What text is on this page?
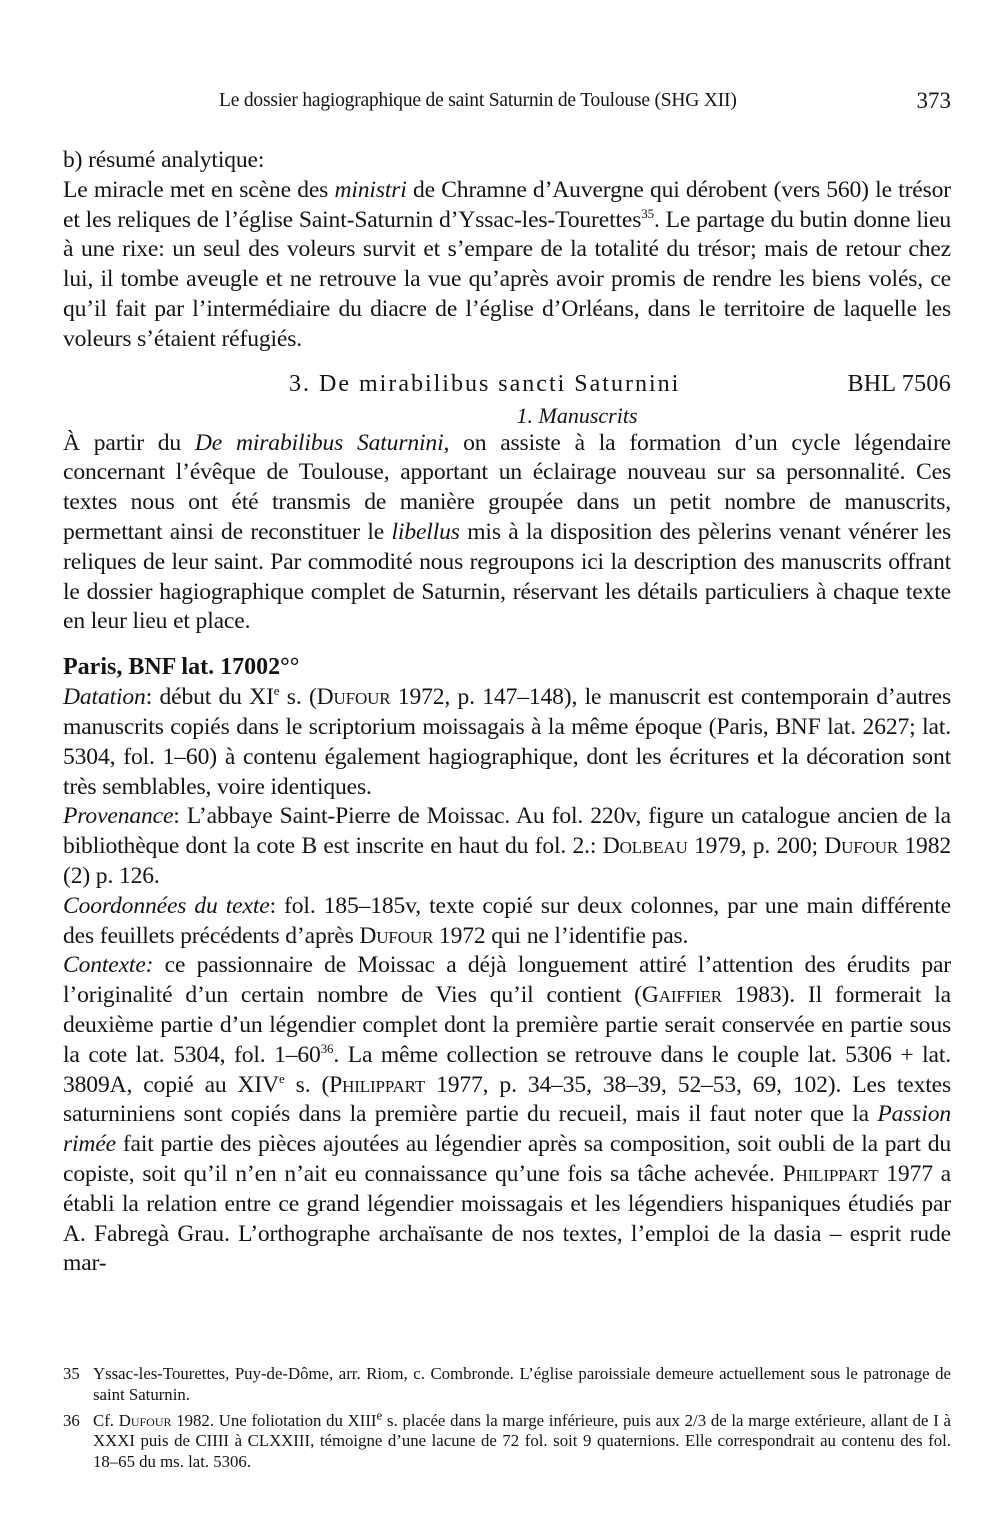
Le dossier hagiographique de saint Saturnin de Toulouse (SHG XII)	373

b) résumé analytique:
Le miracle met en scène des ministri de Chramne d’Auvergne qui dérobent (vers 560) le trésor et les reliques de l’église Saint-Saturnin d’Yssac-les-Tourettes$^{35}$. Le partage du butin donne lieu à une rixe: un seul des voleurs survit et s’empare de la totalité du trésor; mais de retour chez lui, il tombe aveugle et ne retrouve la vue qu’après avoir promis de rendre les biens volés, ce qu’il fait par l’intermédiaire du diacre de l’église d’Orléans, dans le territoire de laquelle les voleurs s’étaient réfugiés.

3. De mirabilibus sancti Saturnini	BHL 7506
1. Manuscrits

À partir du De mirabilibus Saturnini, on assiste à la formation d’un cycle légendaire concernant l’évêque de Toulouse, apportant un éclairage nouveau sur sa personnalité. Ces textes nous ont été transmis de manière groupée dans un petit nombre de manuscrits, permettant ainsi de reconstituer le libellus mis à la disposition des pèlerins venant vénérer les reliques de leur saint. Par commodité nous regroupons ici la description des manuscrits offrant le dossier hagiographique complet de Saturnin, réservant les détails particuliers à chaque texte en leur lieu et place.

Paris, BNF lat. 17002°°

Datation: début du XIe s. (Dufour 1972, p. 147–148), le manuscrit est contemporain d’autres manuscrits copiés dans le scriptorium moissagais à la même époque (Paris, BNF lat. 2627; lat. 5304, fol. 1–60) à contenu également hagiographique, dont les écritures et la décoration sont très semblables, voire identiques.

Provenance: L’abbaye Saint-Pierre de Moissac. Au fol. 220v, figure un catalogue ancien de la bibliothèque dont la cote B est inscrite en haut du fol. 2.: Dolbeau 1979, p. 200; Dufour 1982 (2) p. 126.

Coordonnées du texte: fol. 185–185v, texte copié sur deux colonnes, par une main différente des feuillets précédents d’après Dufour 1972 qui ne l’identifie pas.

Contexte: ce passionnaire de Moissac a déjà longuement attiré l’attention des érudits par l’originalité d’un certain nombre de Vies qu’il contient (Gaiffier 1983). Il formerait la deuxième partie d’un légendier complet dont la première partie serait conservée en partie sous la cote lat. 5304, fol. $1-60^{36}$. La même collection se retrouve dans le couple lat. 5306 + lat. 3809A, copié au XIVe s. (Philippart 1977, p. 34–35, 38–39, 52–53, 69, 102). Les textes saturniniens sont copiés dans la première partie du recueil, mais il faut noter que la Passion rimée fait partie des pièces ajoutées au légendier après sa composition, soit oubli de la part du copiste, soit qu’il n’en n’ait eu connaissance qu’une fois sa tâche achevée. Philippart 1977 a établi la relation entre ce grand légendier moissagais et les légendiers hispaniques étudiés par A. Fabregà Grau. L’orthographe archaïsante de nos textes, l’emploi de la dasia – esprit rude mar-

35 Yssac-les-Tourettes, Puy-de-Dôme, arr. Riom, c. Combronde. L’église paroissiale demeure actuellement sous le patronage de saint Saturnin.
36 Cf. Dufour 1982. Une foliotation du XIIIe s. placée dans la marge inférieure, puis aux 2/3 de la marge extérieure, allant de I à XXXI puis de CIIII à CLXXIII, témoigne d’une lacune de 72 fol. soit 9 quaternions. Elle correspondrait au contenu des fol. 18–65 du ms. lat. 5306.
